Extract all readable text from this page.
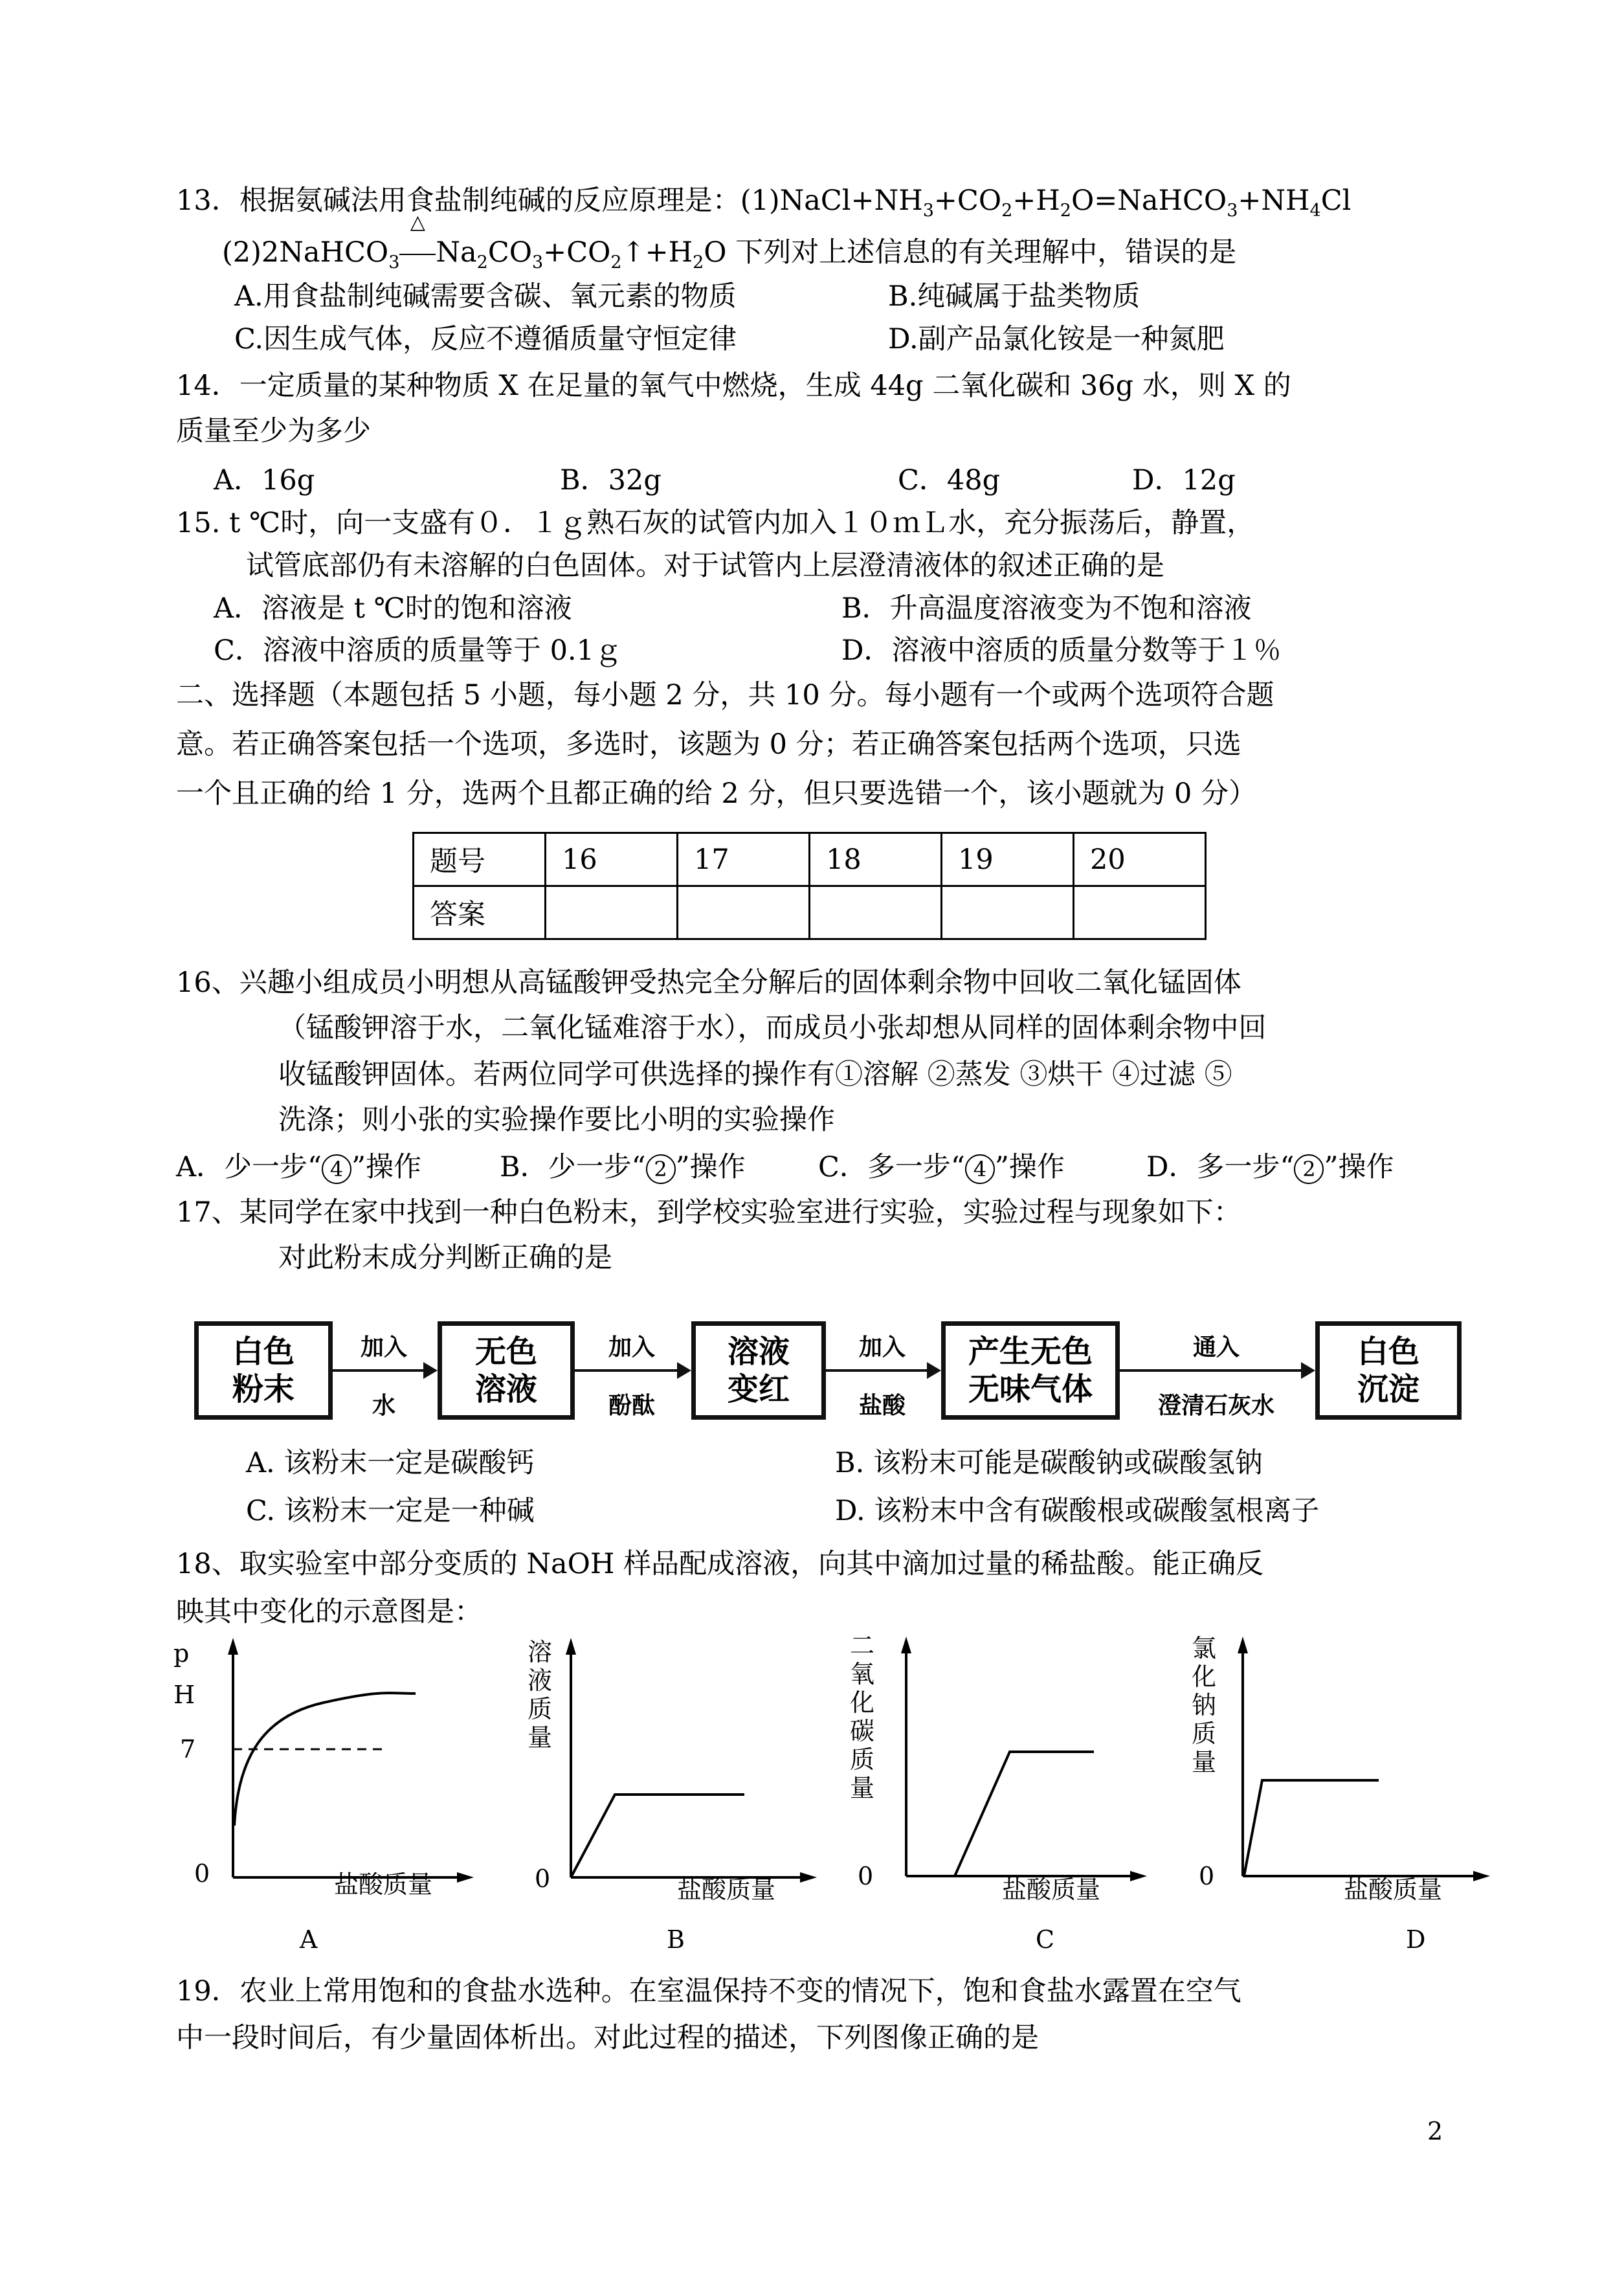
13．根据氨碱法用食盐制纯碱的反应原理是：$(1)NaCl+NH_3+CO_2+H_2O=NaHCO_3+NH_4Cl$
(2)2NaHCO$_3$
△
$Na_2CO_3+CO_2↑+H_2O$ 下列对上述信息的有关理解中，错误的是
A.用食盐制纯碱需要含碳、氧元素的物质	B.纯碱属于盐类物质
C.因生成气体，反应不遵循质量守恒定律	D.副产品氯化铵是一种氮肥
14．一定质量的某种物质 X 在足量的氧气中燃烧，生成 44g 二氧化碳和 36g 水，则 X 的
质量至少为多少
A．16g	B．32g	C．48g	D．12g
15. t ℃时，向一支盛有０．１ｇ熟石灰的试管内加入１０ｍＬ水，充分振荡后，静置，
试管底部仍有未溶解的白色固体。对于试管内上层澄清液体的叙述正确的是
A．溶液是 t ℃时的饱和溶液	B．升高温度溶液变为不饱和溶液
C．溶液中溶质的质量等于 0.1ｇ	D．溶液中溶质的质量分数等于１％
二、选择题（本题包括 5 小题，每小题 2 分，共 10 分。每小题有一个或两个选项符合题
意。若正确答案包括一个选项，多选时，该题为 0 分；若正确答案包括两个选项，只选
一个且正确的给 1 分，选两个且都正确的给 2 分，但只要选错一个，该小题就为 0 分）
题号	16	17	18	19	20
答案					
16、兴趣小组成员小明想从高锰酸钾受热完全分解后的固体剩余物中回收二氧化锰固体
（锰酸钾溶于水，二氧化锰难溶于水），而成员小张却想从同样的固体剩余物中回
收锰酸钾固体。若两位同学可供选择的操作有①溶解 ②蒸发 ③烘干 ④过滤 ⑤
洗涤；则小张的实验操作要比小明的实验操作
A．少一步“ 4 ”操作	B．少一步“ 2 ”操作	C．多一步“ 4 ”操作	D．多一步“ 2 ”操作
17、某同学在家中找到一种白色粉末，到学校实验室进行实验，实验过程与现象如下：
对此粉末成分判断正确的是
白色
粉末
加入
水
无色
溶液
加入
酚酞
溶液
变红
加入
盐酸
产生无色
无味气体
通入
澄清石灰水
白色
沉淀
A. 该粉末一定是碳酸钙	B. 该粉末可能是碳酸钠或碳酸氢钠
C. 该粉末一定是一种碱	D. 该粉末中含有碳酸根或碳酸氢根离子
18、取实验室中部分变质的 NaOH 样品配成溶液，向其中滴加过量的稀盐酸。能正确反
映其中变化的示意图是：
p
H
7
0	盐酸质量
A
溶
液
质
量
0	盐酸质量
B
二
氧
化
碳
质
量
0	盐酸质量
C
氯
化
钠
质
量
0	盐酸质量
D
19．农业上常用饱和的食盐水选种。在室温保持不变的情况下，饱和食盐水露置在空气
中一段时间后，有少量固体析出。对此过程的描述，下列图像正确的是
2
